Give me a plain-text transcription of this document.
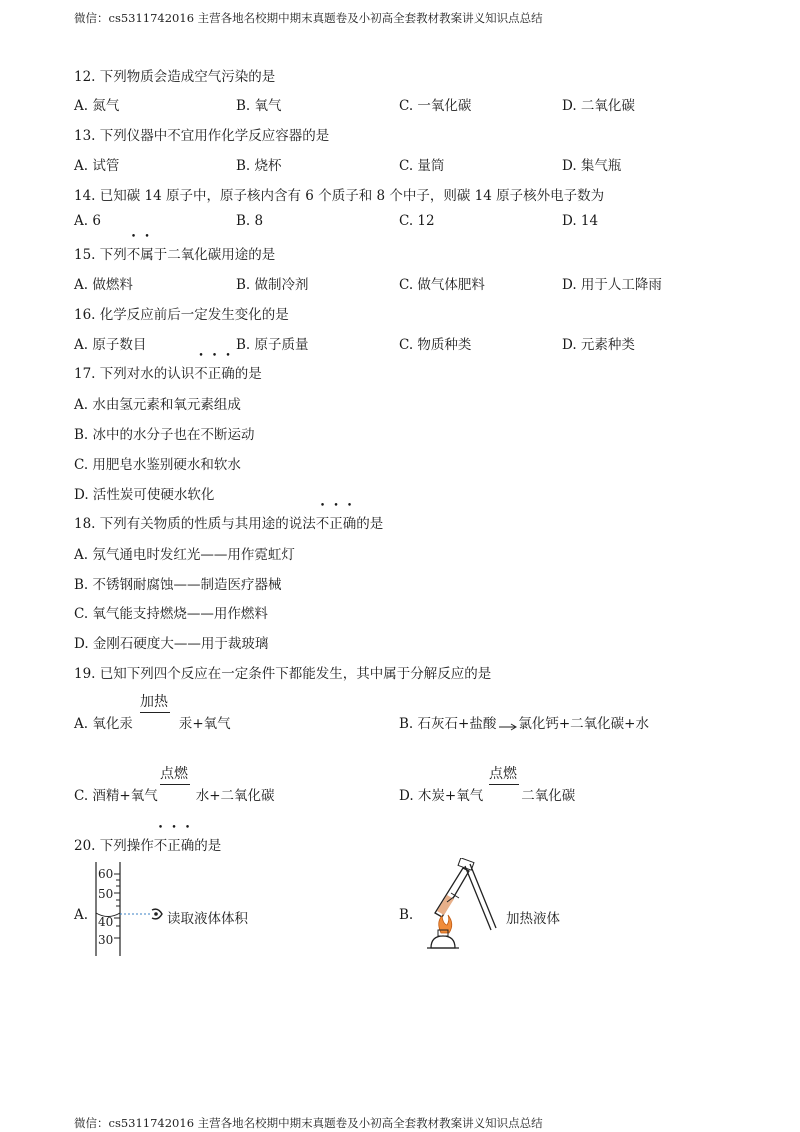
微信：cs5311742016 主营各地名校期中期末真题卷及小初高全套教材教案讲义知识点总结
12. 下列物质会造成空气污染的是
A. 氮气	B. 氧气	C. 一氧化碳	D. 二氧化碳
13. 下列仪器中不宜用作化学反应容器的是
A. 试管	B. 烧杯	C. 量筒	D. 集气瓶
14. 已知碳 14 原子中，原子核内含有 6 个质子和 8 个中子，则碳 14 原子核外电子数为
A. 6	B. 8	C. 12	D. 14
15. 下列不属于二氧化碳用途的是
A. 做燃料	B. 做制冷剂	C. 做气体肥料	D. 用于人工降雨
16. 化学反应前后一定发生变化的是
A. 原子数目	B. 原子质量	C. 物质种类	D. 元素种类
17. 下列对水的认识不正确的是
A. 水由氢元素和氧元素组成
B. 冰中的水分子也在不断运动
C. 用肥皂水鉴别硬水和软水
D. 活性炭可使硬水软化
18. 下列有关物质的性质与其用途的说法不正确的是
A. 氖气通电时发红光——用作霓虹灯
B. 不锈钢耐腐蚀——制造医疗器械
C. 氧气能支持燃烧——用作燃料
D. 金刚石硬度大——用于裁玻璃
19. 已知下列四个反应在一定条件下都能发生，其中属于分解反应的是
加热
A. 氧化汞	汞+氧气	B. 石灰石+盐酸 →氯化钙+二氧化碳+水
点燃
C. 酒精+氧气	水+二氧化碳
点燃
D. 木炭+氧气	二氧化碳
20. 下列操作不正确的是
A.
60
50
40
30
读取液体体积	B.	加热液体
微信：cs5311742016 主营各地名校期中期末真题卷及小初高全套教材教案讲义知识点总结
